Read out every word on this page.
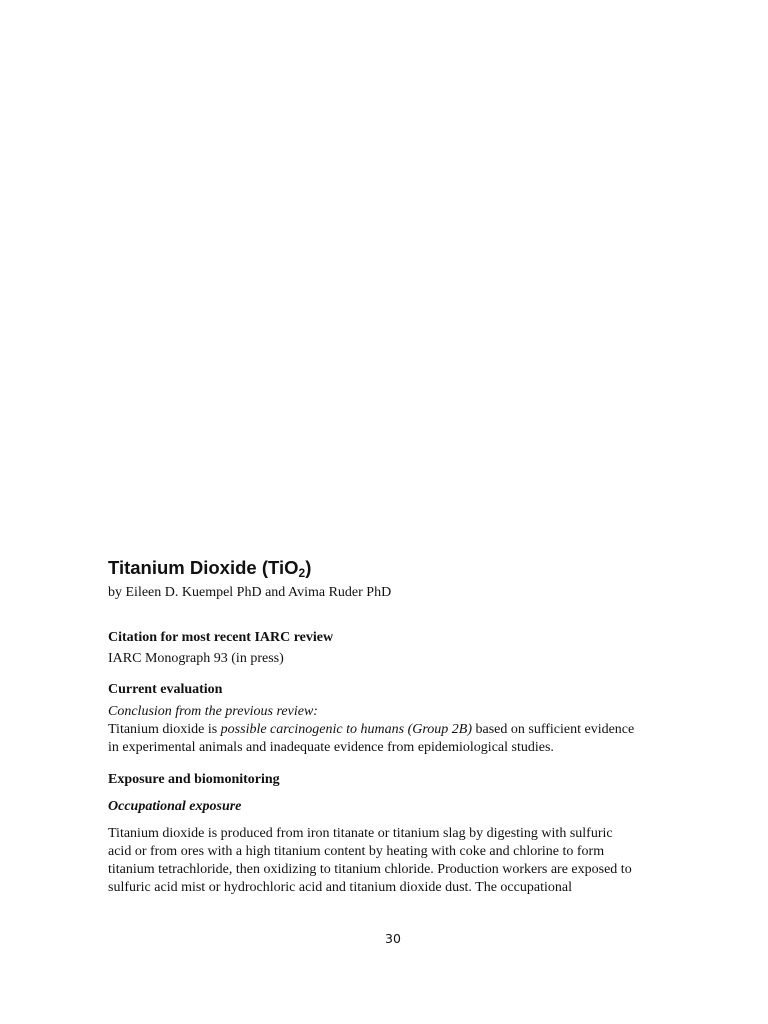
Titanium Dioxide (TiO$_2$)

by Eileen D. Kuempel PhD and Avima Ruder PhD

Citation for most recent IARC review

IARC Monograph 93 (in press)

Current evaluation

Conclusion from the previous review:

Titanium dioxide is possible carcinogenic to humans (Group 2B) based on sufficient evidence
in experimental animals and inadequate evidence from epidemiological studies.

Exposure and biomonitoring

Occupational exposure

Titanium dioxide is produced from iron titanate or titanium slag by digesting with sulfuric
acid or from ores with a high titanium content by heating with coke and chlorine to form
titanium tetrachloride, then oxidizing to titanium chloride. Production workers are exposed to
sulfuric acid mist or hydrochloric acid and titanium dioxide dust. The occupational

30
